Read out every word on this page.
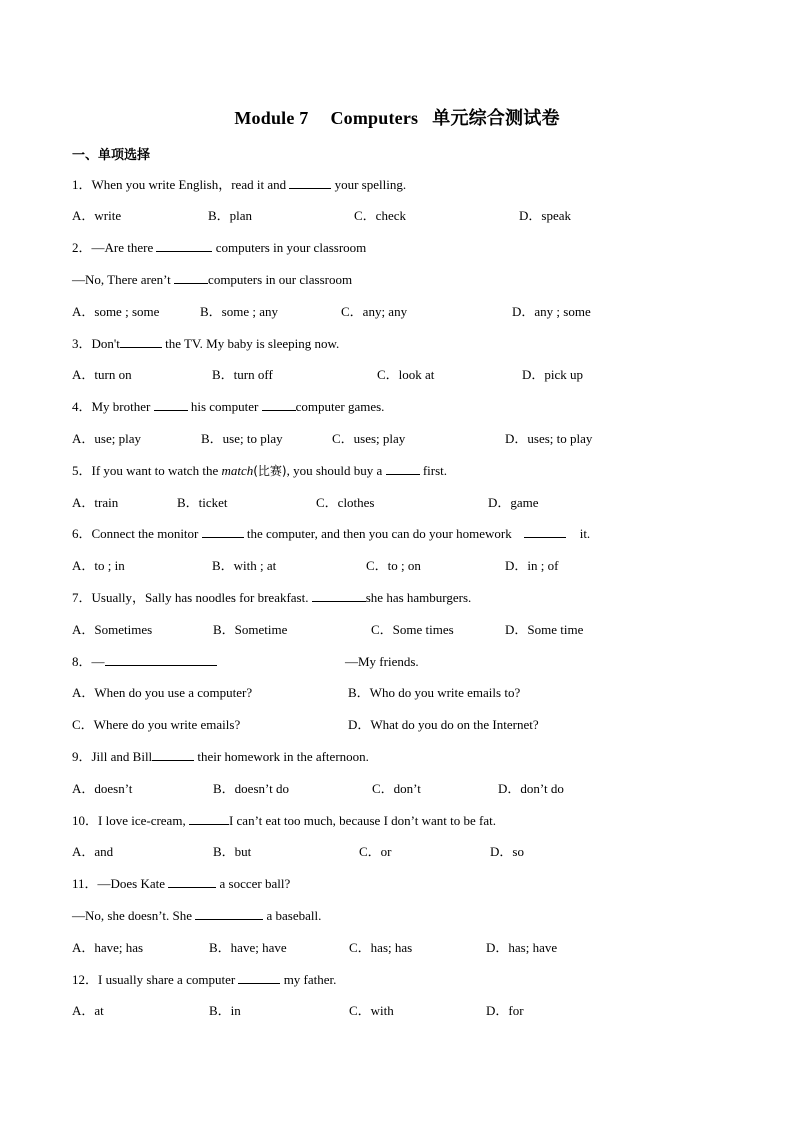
Module 7 Computers 单元综合测试卷
一、单项选择
1．When you write English，read it and	your spelling.
A．write	B．plan	C．check	D．speak
2．—Are there	computers in your classroom
—No, There aren’t	computers in our classroom
A．some ; some	B．some ; any	C．any; any	D．any ; some
3．Don't	the TV. My baby is sleeping now.
A．turn on	B．turn off	C．look at	D．pick up
4．My brother	his computer	computer games.
A．use; play	B．use; to play	C．uses; play	D．uses; to play
5．If you want to watch the match(比赛), you should buy a	first.
A．train	B．ticket	C．clothes	D．game
6．Connect the monitor	the computer, and then you can do your homework	it.
A．to ; in	B．with ; at	C．to ; on	D．in ; of
7．Usually，Sally has noodles for breakfast.	she has hamburgers.
A．Sometimes	B．Sometime	C．Some times	D．Some time
8．—	—My friends.
A．When do you use a computer?	B．Who do you write emails to?
C．Where do you write emails?	D．What do you do on the Internet?
9．Jill and Bill	their homework in the afternoon.
A．doesn’t	B．doesn’t do	C．don’t	D．don’t do
10．I love ice-cream,	I can’t eat too much, because I don’t want to be fat.
A．and	B．but	C．or	D．so
11．—Does Kate	a soccer ball?
—No, she doesn’t. She	a baseball.
A．have; has	B．have; have	C．has; has	D．has; have
12．I usually share a computer	my father.
A．at	B．in	C．with	D．for
